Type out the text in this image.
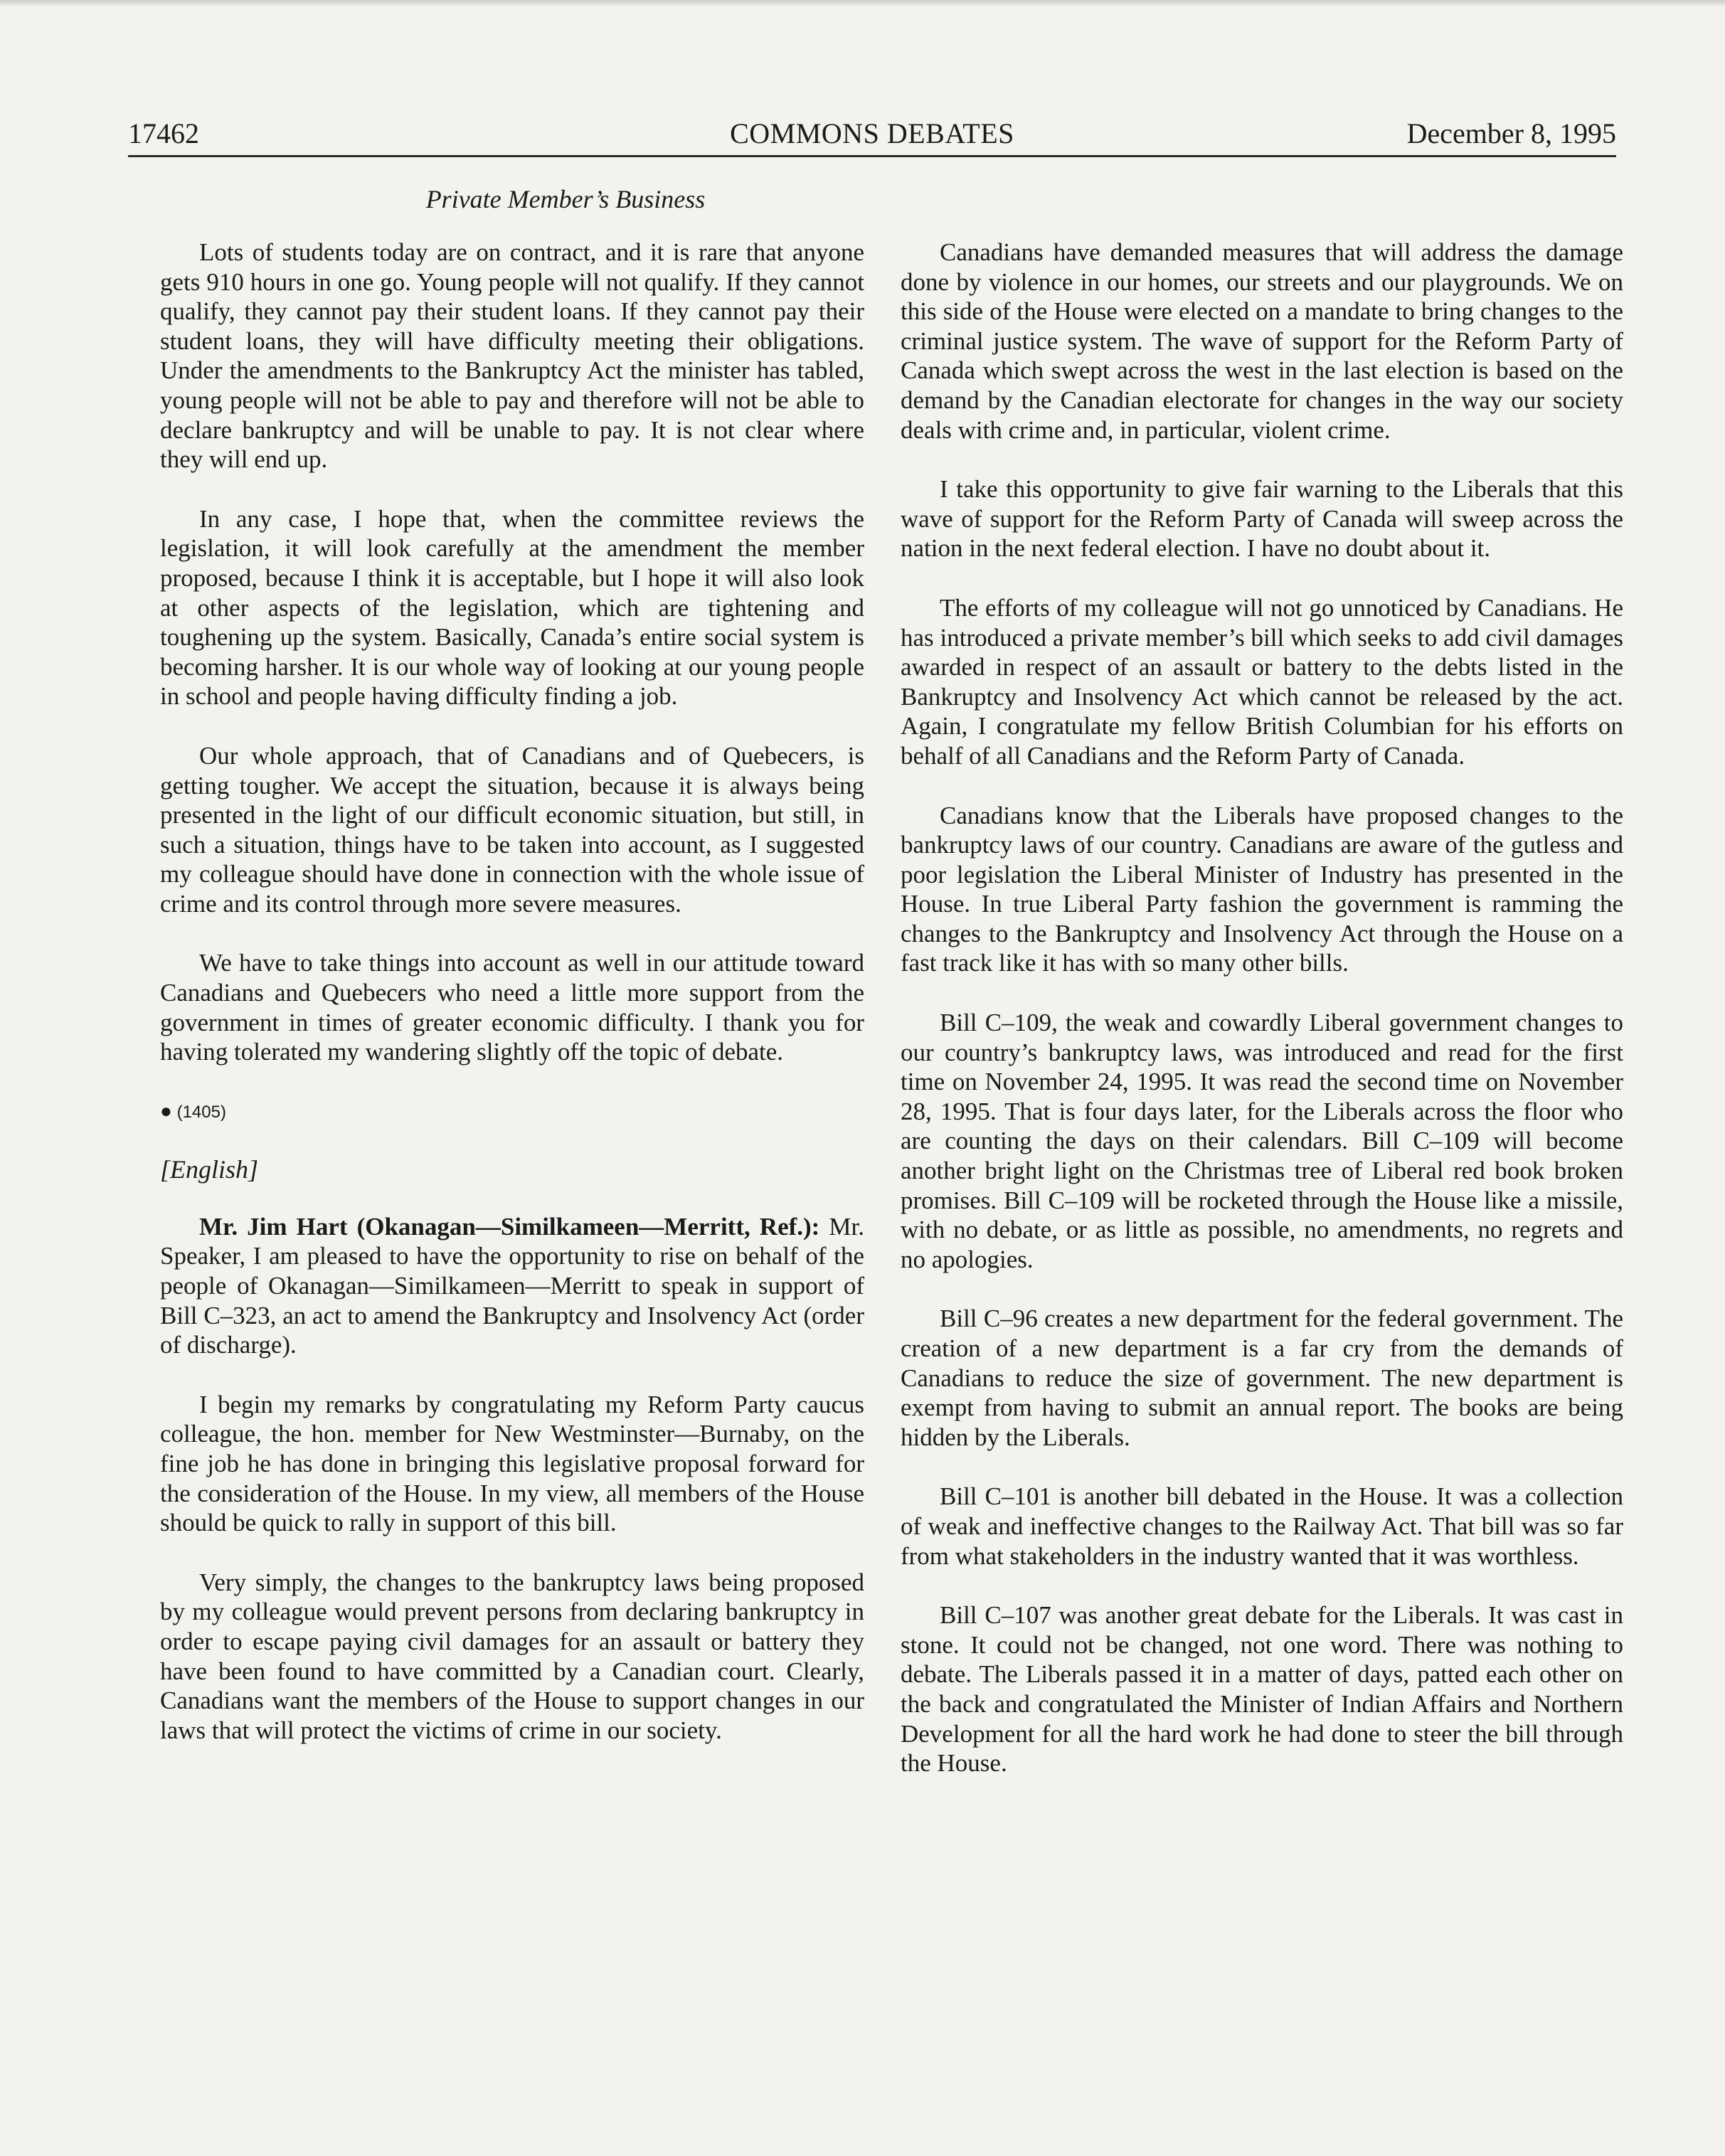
17462	COMMONS DEBATES	December 8, 1995
Private Member’s Business

Lots of students today are on contract, and it is rare that anyone gets 910 hours in one go. Young people will not qualify. If they cannot qualify, they cannot pay their student loans. If they cannot pay their student loans, they will have difficulty meeting their obligations. Under the amendments to the Bankruptcy Act the minister has tabled, young people will not be able to pay and therefore will not be able to declare bankruptcy and will be unable to pay. It is not clear where they will end up.

In any case, I hope that, when the committee reviews the legislation, it will look carefully at the amendment the member proposed, because I think it is acceptable, but I hope it will also look at other aspects of the legislation, which are tightening and toughening up the system. Basically, Canada’s entire social system is becoming harsher. It is our whole way of looking at our young people in school and people having difficulty finding a job.

Our whole approach, that of Canadians and of Quebecers, is getting tougher. We accept the situation, because it is always being presented in the light of our difficult economic situation, but still, in such a situation, things have to be taken into account, as I suggested my colleague should have done in connection with the whole issue of crime and its control through more severe measures.

We have to take things into account as well in our attitude toward Canadians and Quebecers who need a little more support from the government in times of greater economic difficulty. I thank you for having tolerated my wandering slightly off the topic of debate.

● (1405)
[English]

Mr. Jim Hart (Okanagan—Similkameen—Merritt, Ref.): Mr. Speaker, I am pleased to have the opportunity to rise on behalf of the people of Okanagan—Similkameen—Merritt to speak in support of Bill C–323, an act to amend the Bankruptcy and Insolvency Act (order of discharge).

I begin my remarks by congratulating my Reform Party caucus colleague, the hon. member for New Westminster—Burnaby, on the fine job he has done in bringing this legislative proposal forward for the consideration of the House. In my view, all members of the House should be quick to rally in support of this bill.

Very simply, the changes to the bankruptcy laws being proposed by my colleague would prevent persons from declaring bankruptcy in order to escape paying civil damages for an assault or battery they have been found to have committed by a Canadian court. Clearly, Canadians want the members of the House to support changes in our laws that will protect the victims of crime in our society.

Canadians have demanded measures that will address the damage done by violence in our homes, our streets and our playgrounds. We on this side of the House were elected on a mandate to bring changes to the criminal justice system. The wave of support for the Reform Party of Canada which swept across the west in the last election is based on the demand by the Canadian electorate for changes in the way our society deals with crime and, in particular, violent crime.

I take this opportunity to give fair warning to the Liberals that this wave of support for the Reform Party of Canada will sweep across the nation in the next federal election. I have no doubt about it.

The efforts of my colleague will not go unnoticed by Canadians. He has introduced a private member’s bill which seeks to add civil damages awarded in respect of an assault or battery to the debts listed in the Bankruptcy and Insolvency Act which cannot be released by the act. Again, I congratulate my fellow British Columbian for his efforts on behalf of all Canadians and the Reform Party of Canada.

Canadians know that the Liberals have proposed changes to the bankruptcy laws of our country. Canadians are aware of the gutless and poor legislation the Liberal Minister of Industry has presented in the House. In true Liberal Party fashion the government is ramming the changes to the Bankruptcy and Insolvency Act through the House on a fast track like it has with so many other bills.

Bill C–109, the weak and cowardly Liberal government changes to our country’s bankruptcy laws, was introduced and read for the first time on November 24, 1995. It was read the second time on November 28, 1995. That is four days later, for the Liberals across the floor who are counting the days on their calendars. Bill C–109 will become another bright light on the Christmas tree of Liberal red book broken promises. Bill C–109 will be rocketed through the House like a missile, with no debate, or as little as possible, no amendments, no regrets and no apologies.

Bill C–96 creates a new department for the federal government. The creation of a new department is a far cry from the demands of Canadians to reduce the size of government. The new department is exempt from having to submit an annual report. The books are being hidden by the Liberals.

Bill C–101 is another bill debated in the House. It was a collection of weak and ineffective changes to the Railway Act. That bill was so far from what stakeholders in the industry wanted that it was worthless.

Bill C–107 was another great debate for the Liberals. It was cast in stone. It could not be changed, not one word. There was nothing to debate. The Liberals passed it in a matter of days, patted each other on the back and congratulated the Minister of Indian Affairs and Northern Development for all the hard work he had done to steer the bill through the House.
